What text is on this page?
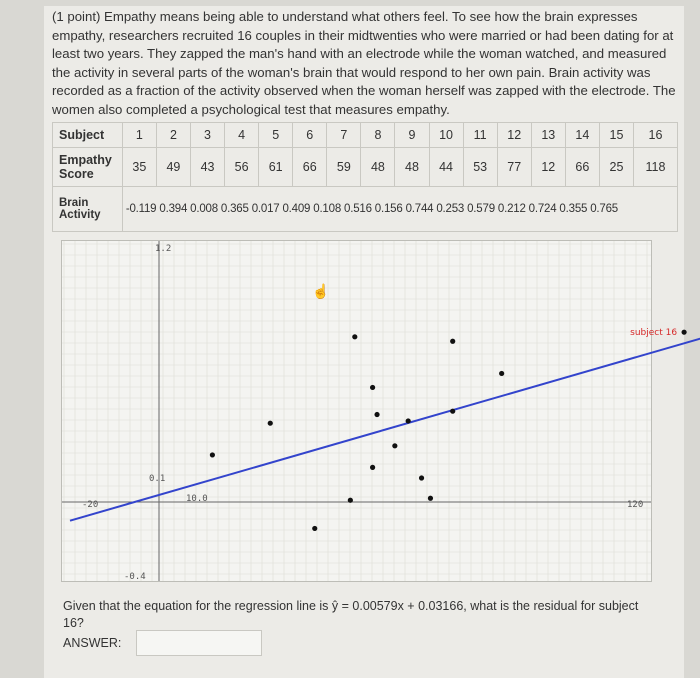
(1 point) Empathy means being able to understand what others feel. To see how the brain expresses empathy, researchers recruited 16 couples in their midtwenties who were married or had been dating for at least two years. They zapped the man's hand with an electrode while the woman watched, and measured the activity in several parts of the woman's brain that would respond to her own pain. Brain activity was recorded as a fraction of the activity observed when the woman herself was zapped with the electrode. The women also completed a psychological test that measures empathy.
Subject	1	2	3	4	5	6	7	8	9	10	11	12	13	14	15	16
Empathy
Score	35	49	43	56	61	66	59	48	48	44	53	77	12	66	25	118
Brain
Activity	-0.119 0.394 0.008 0.365 0.017 0.409 0.108 0.516 0.156 0.744 0.253 0.579 0.212 0.724 0.355 0.765															
1.2
0.1
-0.4
-20
10.0
120
subject 16
☝
Given that the equation for the regression line is ŷ = 0.00579x + 0.03166, what is the residual for subject 16?
ANSWER:
